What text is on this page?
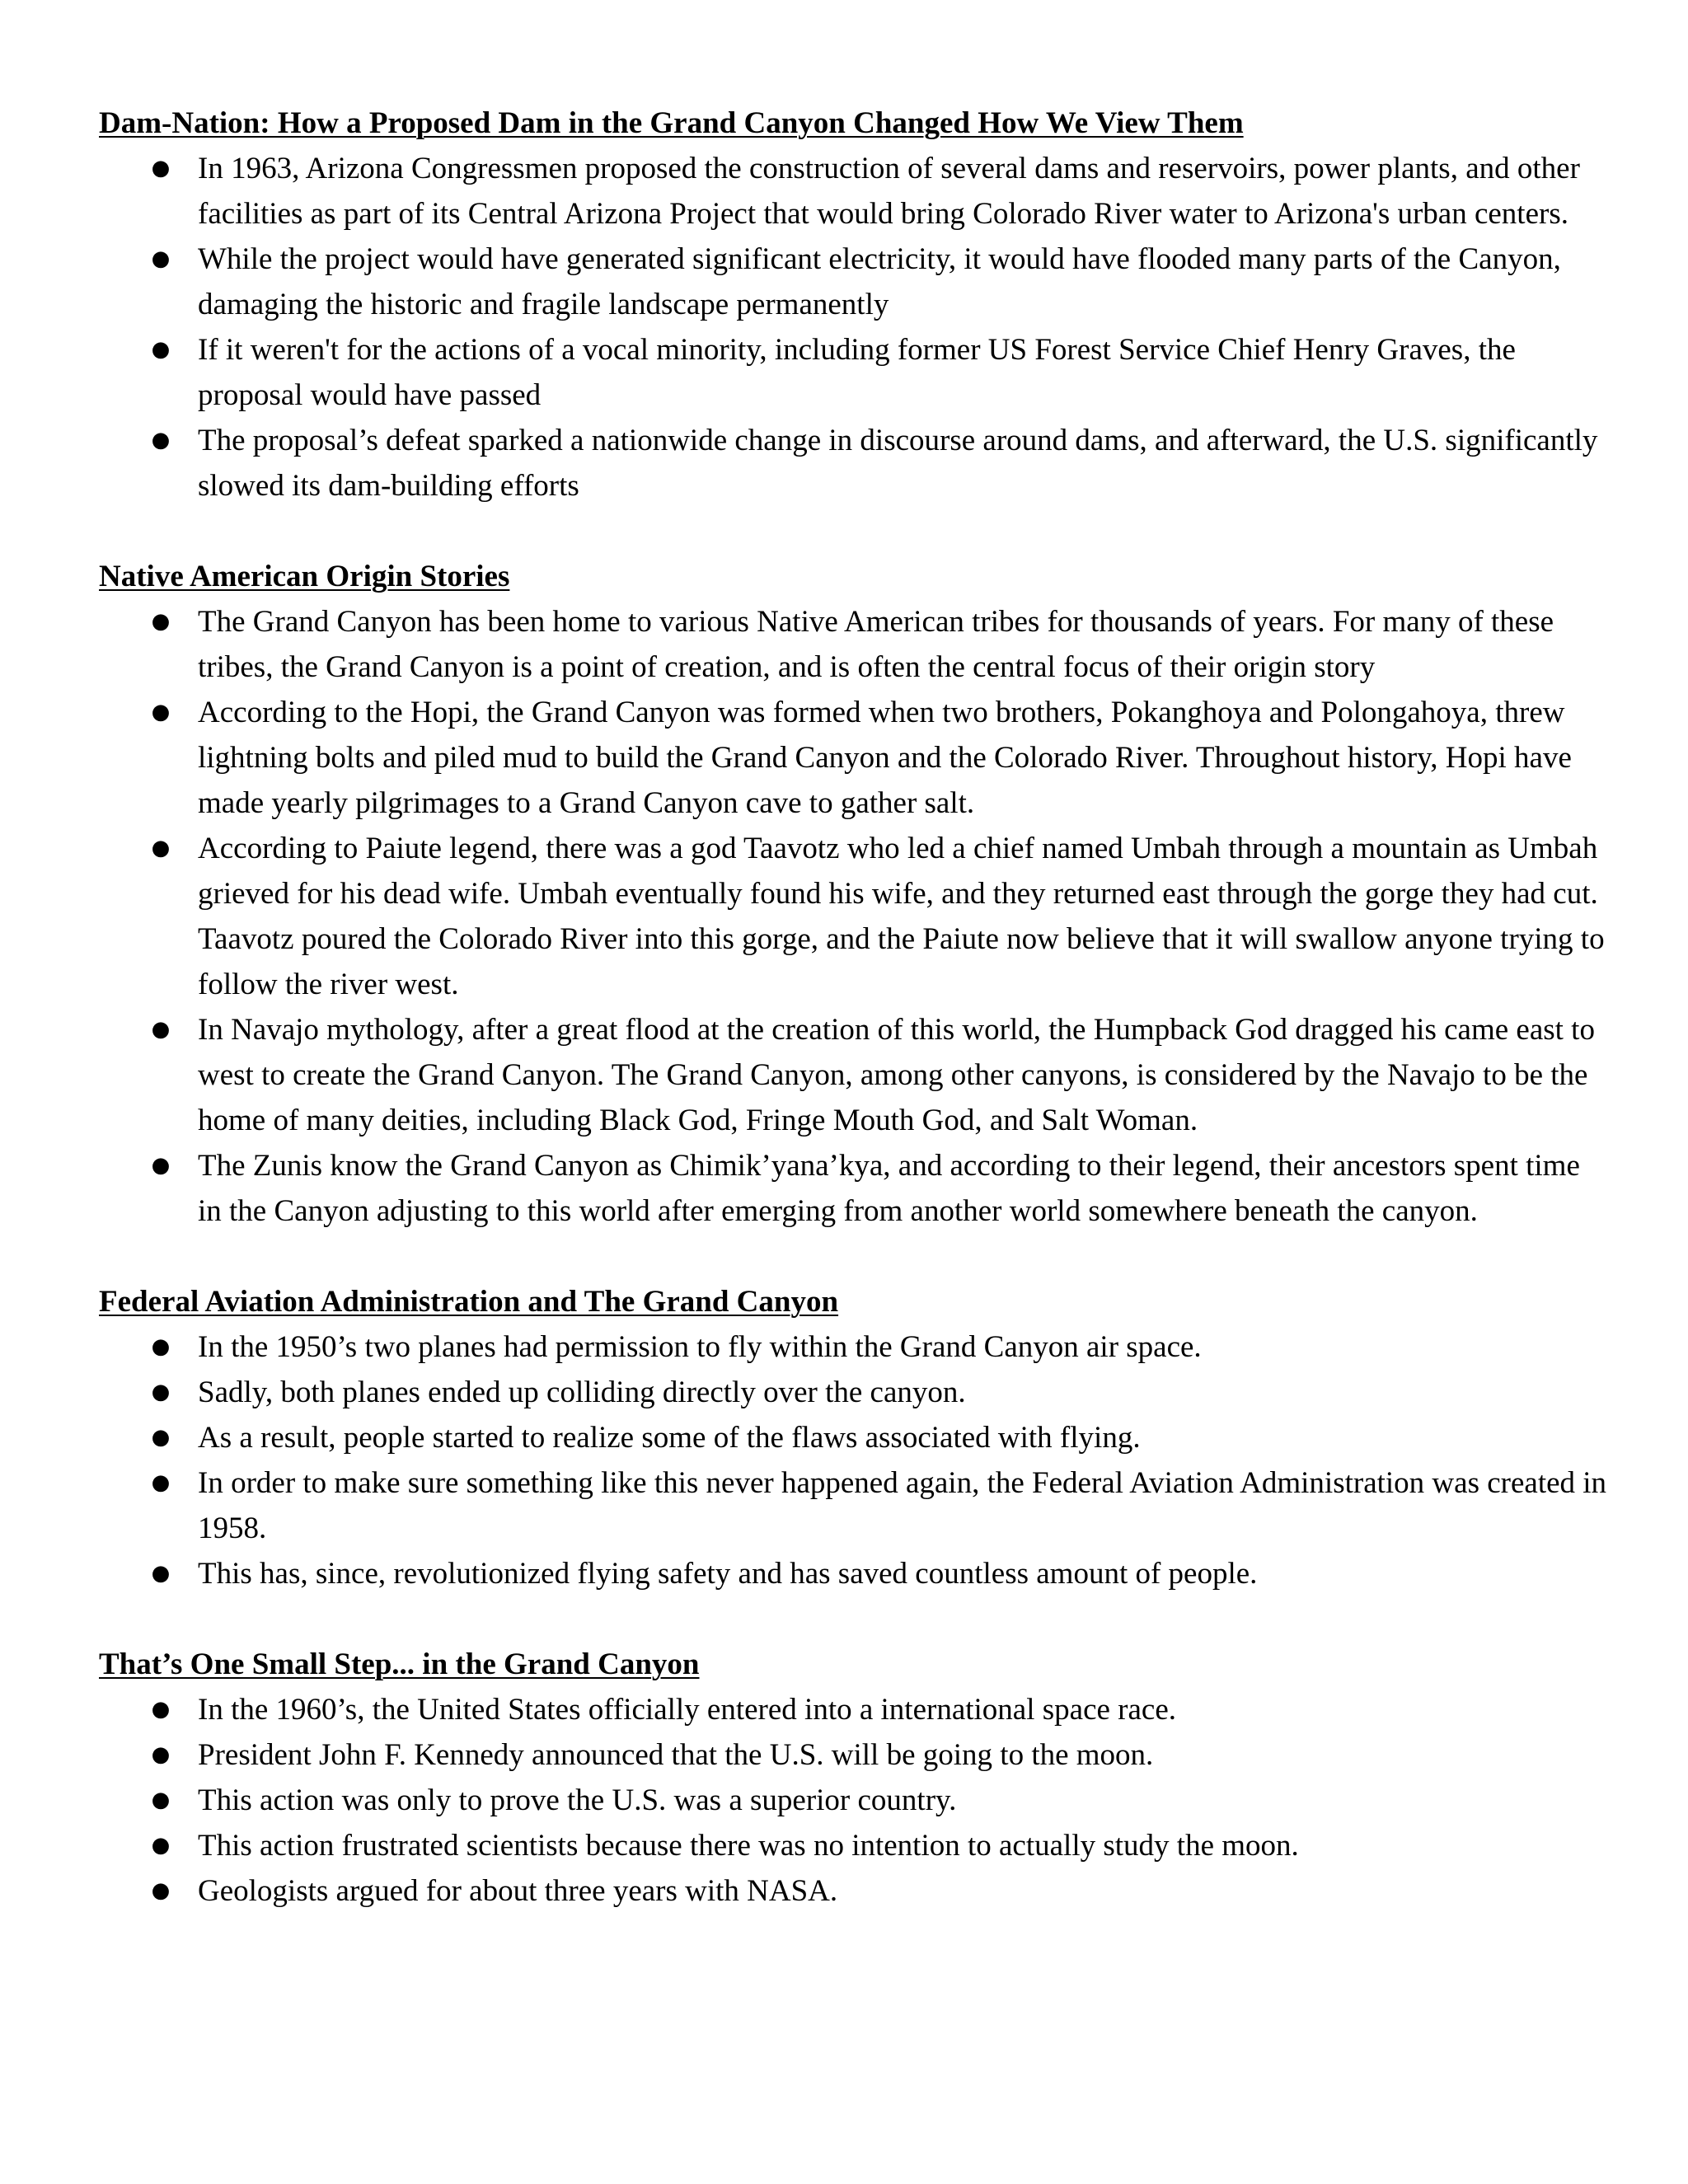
Dam-Nation: How a Proposed Dam in the Grand Canyon Changed How We View Them
● In 1963, Arizona Congressmen proposed the construction of several dams and reservoirs, power plants, and other facilities as part of its Central Arizona Project that would bring Colorado River water to Arizona's urban centers.
● While the project would have generated significant electricity, it would have flooded many parts of the Canyon, damaging the historic and fragile landscape permanently
● If it weren't for the actions of a vocal minority, including former US Forest Service Chief Henry Graves, the proposal would have passed
● The proposal’s defeat sparked a nationwide change in discourse around dams, and afterward, the U.S. significantly slowed its dam-building efforts
Native American Origin Stories
● The Grand Canyon has been home to various Native American tribes for thousands of years. For many of these tribes, the Grand Canyon is a point of creation, and is often the central focus of their origin story
● According to the Hopi, the Grand Canyon was formed when two brothers, Pokanghoya and Polongahoya, threw lightning bolts and piled mud to build the Grand Canyon and the Colorado River. Throughout history, Hopi have made yearly pilgrimages to a Grand Canyon cave to gather salt.
● According to Paiute legend, there was a god Taavotz who led a chief named Umbah through a mountain as Umbah grieved for his dead wife. Umbah eventually found his wife, and they returned east through the gorge they had cut. Taavotz poured the Colorado River into this gorge, and the Paiute now believe that it will swallow anyone trying to follow the river west.
● In Navajo mythology, after a great flood at the creation of this world, the Humpback God dragged his came east to west to create the Grand Canyon. The Grand Canyon, among other canyons, is considered by the Navajo to be the home of many deities, including Black God, Fringe Mouth God, and Salt Woman.
● The Zunis know the Grand Canyon as Chimik’yana’kya, and according to their legend, their ancestors spent time in the Canyon adjusting to this world after emerging from another world somewhere beneath the canyon.
Federal Aviation Administration and The Grand Canyon
● In the 1950’s two planes had permission to fly within the Grand Canyon air space.
● Sadly, both planes ended up colliding directly over the canyon.
● As a result, people started to realize some of the flaws associated with flying.
● In order to make sure something like this never happened again, the Federal Aviation Administration was created in 1958.
● This has, since, revolutionized flying safety and has saved countless amount of people.
That’s One Small Step... in the Grand Canyon
● In the 1960’s, the United States officially entered into a international space race.
● President John F. Kennedy announced that the U.S. will be going to the moon.
● This action was only to prove the U.S. was a superior country.
● This action frustrated scientists because there was no intention to actually study the moon.
● Geologists argued for about three years with NASA.
